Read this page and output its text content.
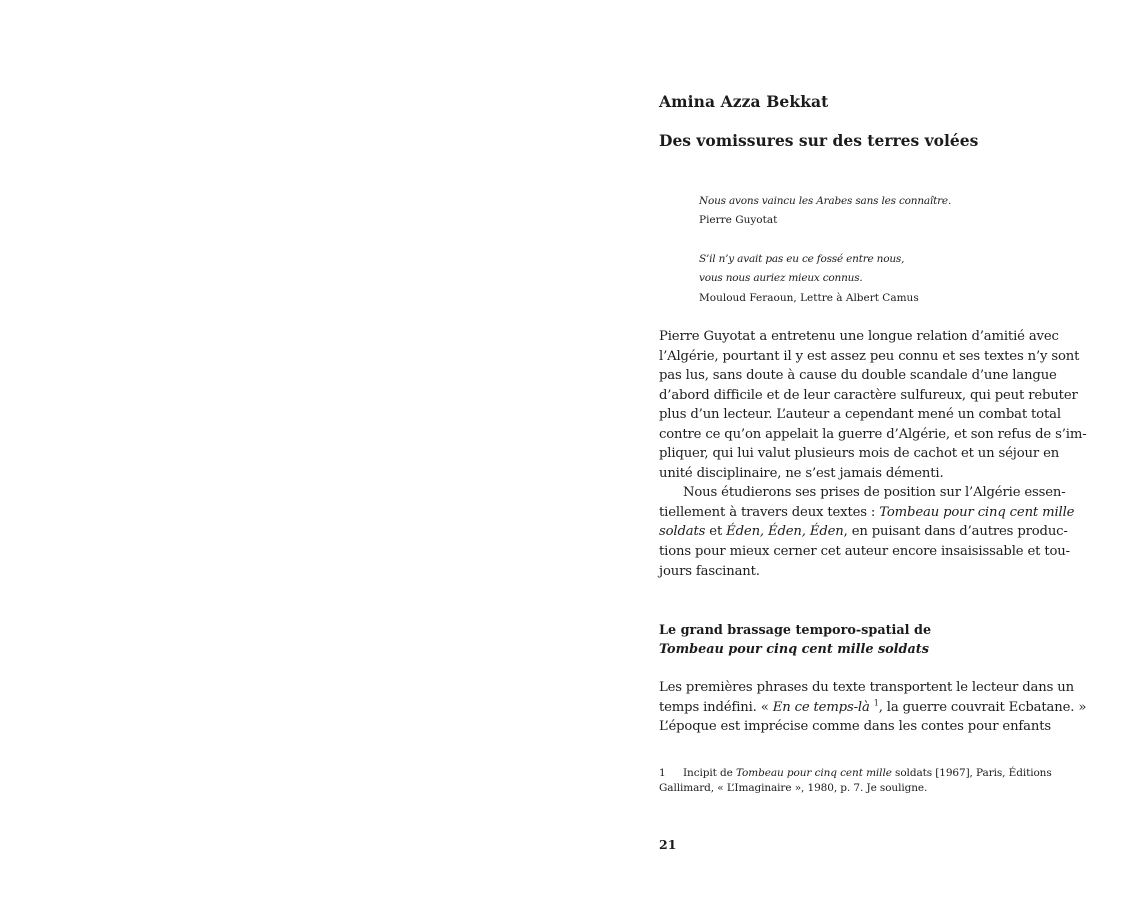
Amina Azza Bekkat
Des vomissures sur des terres volées
Nous avons vaincu les Arabes sans les connaître.
Pierre Guyotat
S’il n’y avait pas eu ce fossé entre nous,
vous nous auriez mieux connus.
Mouloud Feraoun, Lettre à Albert Camus
Pierre Guyotat a entretenu une longue relation d’amitié avec
l’Algérie, pourtant il y est assez peu connu et ses textes n’y sont
pas lus, sans doute à cause du double scandale d’une langue
d’abord difficile et de leur caractère sulfureux, qui peut rebuter
plus d’un lecteur. L’auteur a cependant mené un combat total
contre ce qu’on appelait la guerre d’Algérie, et son refus de s’im-
pliquer, qui lui valut plusieurs mois de cachot et un séjour en
unité disciplinaire, ne s’est jamais démenti.
Nous étudierons ses prises de position sur l’Algérie essen-
tiellement à travers deux textes : Tombeau pour cinq cent mille
soldats et Éden, Éden, Éden, en puisant dans d’autres produc-
tions pour mieux cerner cet auteur encore insaisissable et tou-
jours fascinant.
Le grand brassage temporo-spatial de
Tombeau pour cinq cent mille soldats
Les premières phrases du texte transportent le lecteur dans un
temps indéfini. « En ce temps-là $^1$, la guerre couvrait Ecbatane. »
L’époque est imprécise comme dans les contes pour enfants
1 Incipit de Tombeau pour cinq cent mille soldats [1967], Paris, Éditions
Gallimard, « L’Imaginaire », 1980, p. 7. Je souligne.
21
